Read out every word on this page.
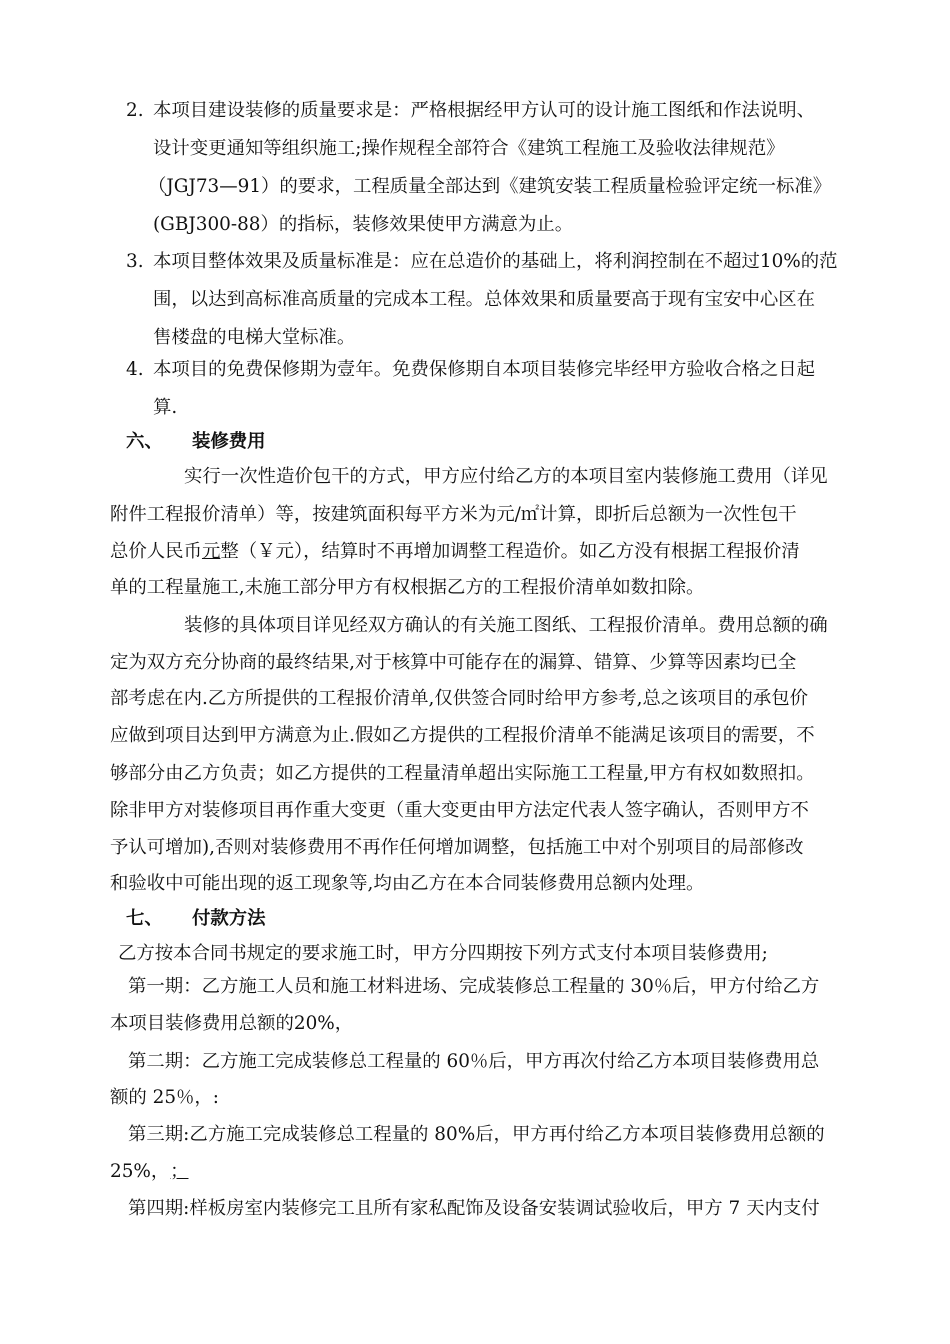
2. 本项目建设装修的质量要求是：严格根据经甲方认可的设计施工图纸和作法说明、
设计变更通知等组织施工;操作规程全部符合《建筑工程施工及验收法律规范》
（JGJ73—91）的要求，工程质量全部达到《建筑安装工程质量检验评定统一标准》
(GBJ300-88）的指标，装修效果使甲方满意为止。
3. 本项目整体效果及质量标准是：应在总造价的基础上，将利润控制在不超过10%的范
围，以达到高标准高质量的完成本工程。总体效果和质量要高于现有宝安中心区在
售楼盘的电梯大堂标准。
4. 本项目的免费保修期为壹年。免费保修期自本项目装修完毕经甲方验收合格之日起
算.
六、 装修费用
实行一次性造价包干的方式，甲方应付给乙方的本项目室内装修施工费用（详见
附件工程报价清单）等，按建筑面积每平方米为元/㎡计算，即折后总额为一次性包干
总价人民币元整（￥元），结算时不再增加调整工程造价。如乙方没有根据工程报价清
单的工程量施工,未施工部分甲方有权根据乙方的工程报价清单如数扣除。
装修的具体项目详见经双方确认的有关施工图纸、工程报价清单。费用总额的确
定为双方充分协商的最终结果,对于核算中可能存在的漏算、错算、少算等因素均已全
部考虑在内.乙方所提供的工程报价清单,仅供签合同时给甲方参考,总之该项目的承包价
应做到项目达到甲方满意为止.假如乙方提供的工程报价清单不能满足该项目的需要，不
够部分由乙方负责；如乙方提供的工程量清单超出实际施工工程量,甲方有权如数照扣。
除非甲方对装修项目再作重大变更（重大变更由甲方法定代表人签字确认，否则甲方不
予认可增加),否则对装修费用不再作任何增加调整，包括施工中对个别项目的局部修改
和验收中可能出现的返工现象等,均由乙方在本合同装修费用总额内处理。
七、 付款方法
乙方按本合同书规定的要求施工时，甲方分四期按下列方式支付本项目装修费用;
第一期：乙方施工人员和施工材料进场、完成装修总工程量的 30％后，甲方付给乙方
本项目装修费用总额的20%，
第二期：乙方施工完成装修总工程量的 60％后，甲方再次付给乙方本项目装修费用总
额的 25％，:
第三期:乙方施工完成装修总工程量的 80%后，甲方再付给乙方本项目装修费用总额的
25%， ；
第四期:样板房室内装修完工且所有家私配饰及设备安装调试验收后，甲方 7 天内支付
